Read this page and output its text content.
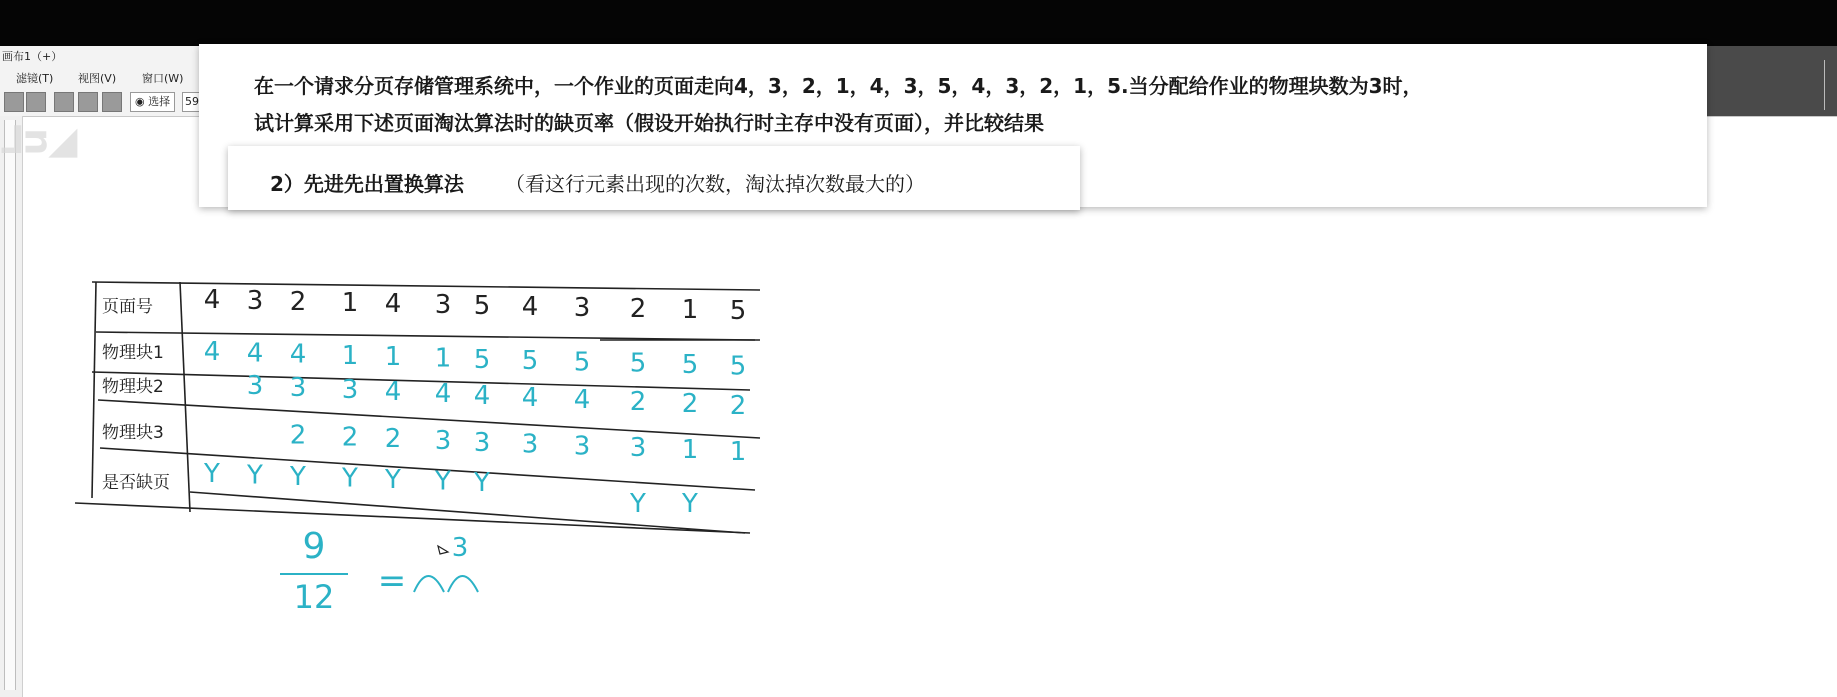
画布1（+）
滤镜(T) 视图(V) 窗口(W)
◉ 选择	59
⅃ᴝ◢
在一个请求分页存储管理系统中，一个作业的页面走向4，3，2，1，4，3，5，4，3，2，1，5.当分配给作业的物理块数为3时，
试计算采用下述页面淘汰算法时的缺页率（假设开始执行时主存中没有页面），并比较结果
2）先进先出置换算法 （看这行元素出现的次数，淘汰掉次数最大的）
页面号
物理块1
物理块2
物理块3
是否缺页
4 3 2 1 4 3 5 4 3 2 1 5
4 4 4 1 1 1 5 5 5 5 5 5
3 3 3 4 4 4 4 4 2 2 2
2 2 2 3 3 3 3 3 1 1
Y Y Y Y Y Y Y
Y Y
9
12 =
3
